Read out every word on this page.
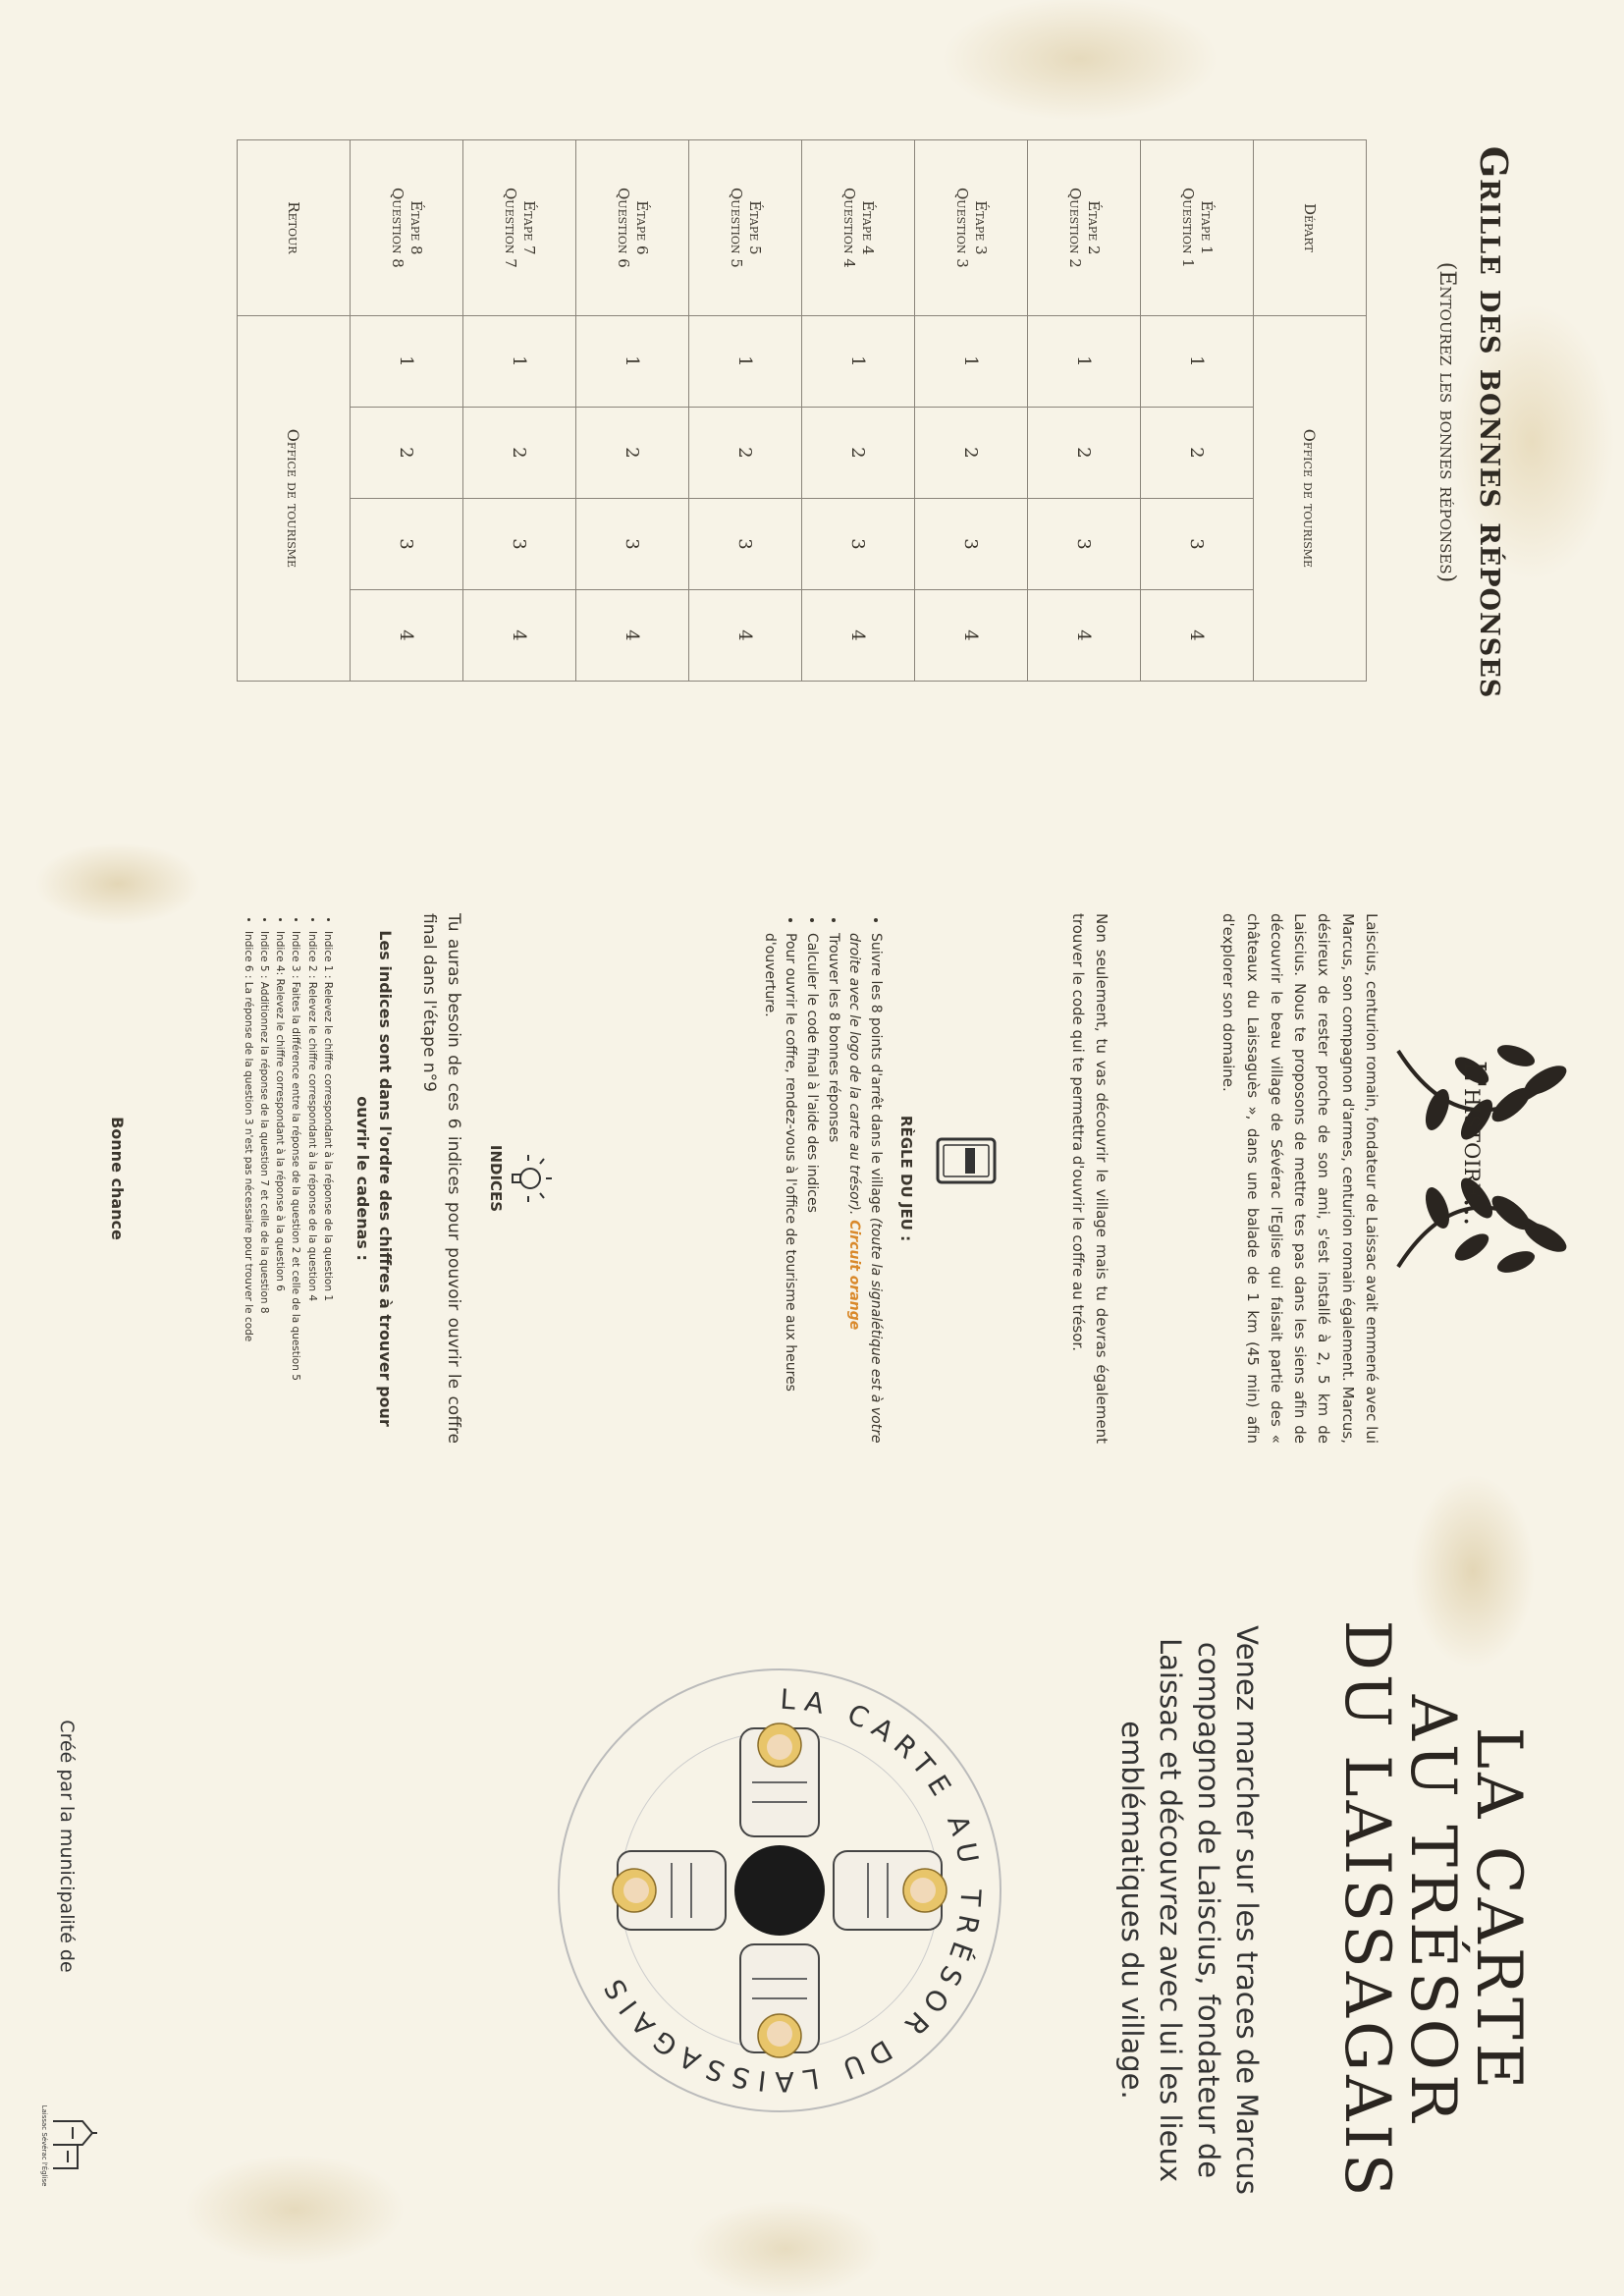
Grille des bonnes réponses
(Entourez les bonnes réponses)
Départ	Office de tourisme			
Étape 1
Question 1	1	2	3	4
Étape 2
Question 2	1	2	3	4
Étape 3
Question 3	1	2	3	4
Étape 4
Question 4	1	2	3	4
Étape 5
Question 5	1	2	3	4
Étape 6
Question 6	1	2	3	4
Étape 7
Question 7	1	2	3	4
Étape 8
Question 8	1	2	3	4
Retour	Office de tourisme			
L'histoire...

Laiscius, centurion romain, fondateur de Laissac avait emmené avec lui Marcus, son compagnon d'armes, centurion romain également. Marcus, désireux de rester proche de son ami, s'est installé à 2, 5 km de Laiscius. Nous te proposons de mettre tes pas dans les siens afin de découvrir le beau village de Sévérac l'Eglise qui faisait partie des « châteaux du Laissaguès », dans une balade de 1 km (45 min) afin d'explorer son domaine.

Non seulement, tu vas découvrir le village mais tu devras également trouver le code qui te permettra d'ouvrir le coffre au trésor.

RÈGLE DU JEU :
• Suivre les 8 points d'arrêt dans le village (toute la signalétique est à votre droite avec le logo de la carte au trésor). Circuit orange
• Trouver les 8 bonnes réponses
• Calculer le code final à l'aide des indices
• Pour ouvrir le coffre, rendez-vous à l'office de tourisme aux heures d'ouverture.
INDICES

Tu auras besoin de ces 6 indices pour pouvoir ouvrir le coffre final dans l'étape n°9

Les indices sont dans l'ordre des chiffres à trouver pour ouvrir le cadenas :

• Indice 1 : Relevez le chiffre correspondant à la réponse de la question 1
• Indice 2 : Relevez le chiffre correspondant à la réponse de la question 4
• Indice 3 : Faites la différence entre la réponse de la question 2 et celle de la question 5
• Indice 4: Relevez le chiffre correspondant à la réponse à la question 6
• Indice 5 : Additionnez la réponse de la question 7 et celle de la question 8
• Indice 6 : La réponse de la question 3 n'est pas nécessaire pour trouver le code

Bonne chance

LA CARTE
AU TRÉSOR
DU LAISSAGAIS

Venez marcher sur les traces de Marcus compagnon de Laiscius, fondateur de Laissac et découvrez avec lui les lieux emblématiques du village.

LA CARTE AU TRÉSOR DU LAISSAGAIS

Créé par la municipalité de

Laissac Sévérac l'Église
